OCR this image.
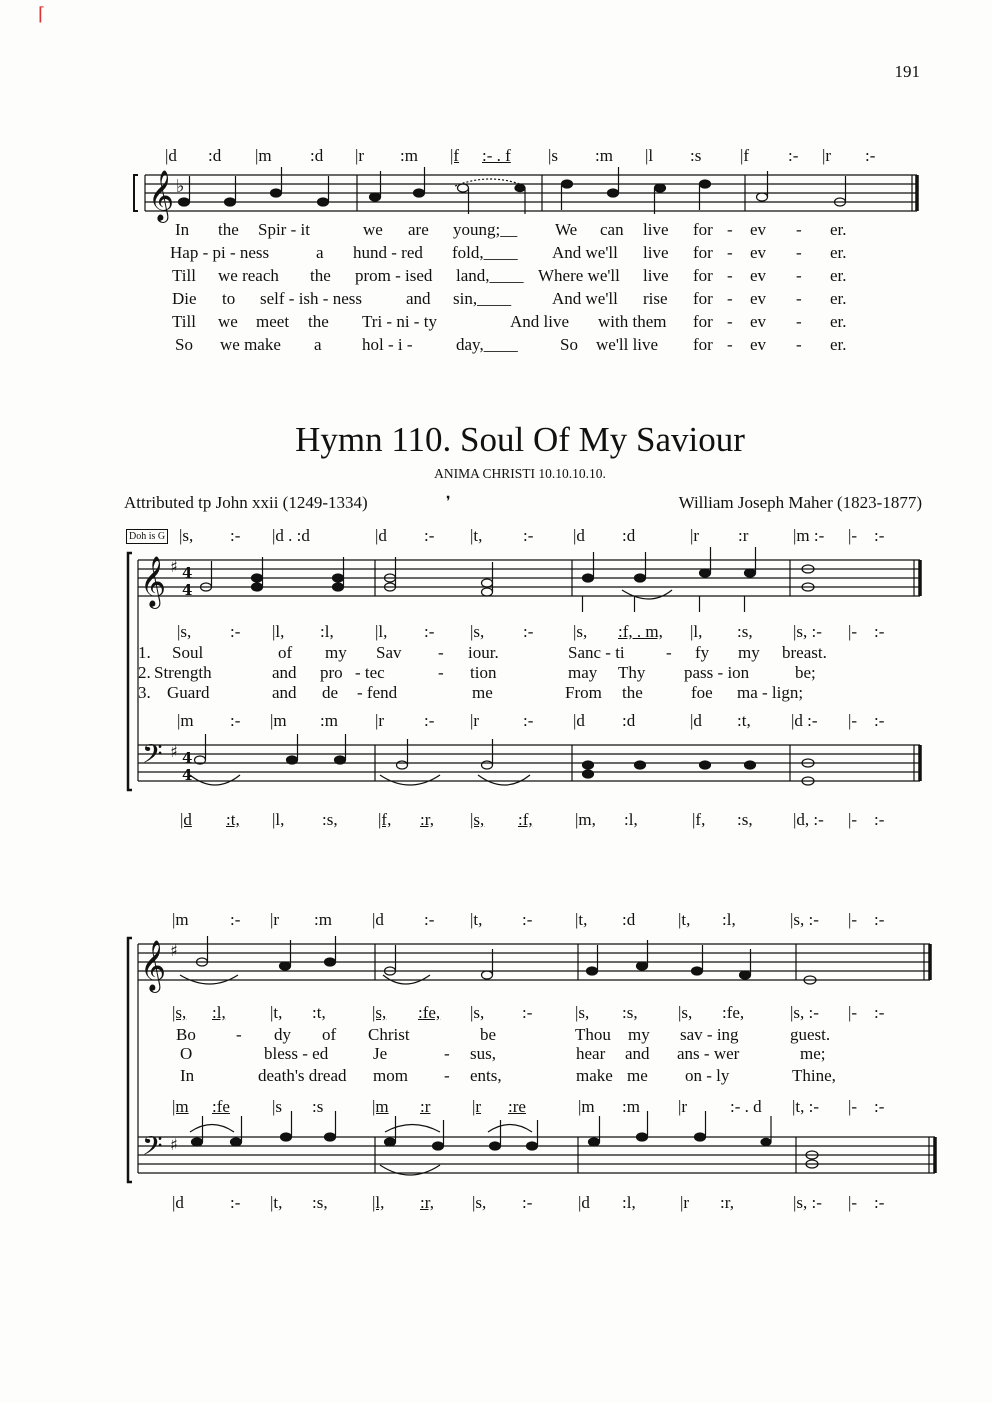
191
⌈
|d :d |m :d |r :m |f :- . f |s :m |l :s |f :- |r :-
In the Spir - it	we are young;__ We can live for - ev - er.
Hap - pi - ness	a hund - red fold,____ And we'll live for - ev - er.
Till we reach the prom - ised land,____ Where we'll live for - ev - er.
Die to self - ish - ness	and sin,____ And we'll rise for - ev - er.
Till we meet the Tri - ni - ty	And live with them for - ev - er.
So we make a hol - i -	day,____ So we'll live for - ev - er.
Hymn 110. Soul Of My Saviour
ANIMA CHRISTI 10.10.10.10.
Attributed tp John xxii (1249-1334)	❜	William Joseph Maher (1823-1877)
Doh is G |s, :- |d . :d	|d :- |t, :- |d :d	|r :r	|m :- |- :-
|s, :- |l, :l, |l, :- |s, :- |s, :f, . m, |l, :s, |s, :- |- :-
1. Soul	of my Sav - iour.	Sanc - ti - fy my breast.
2. Strength	and pro - tec	- tion	may Thy pass - ion	be;
3. Guard	and de - fend	me	From the	foe ma - lign;
|m :- |m :m |r :- |r	:- |d :d	|d :t, |d :- |- :-
|d :t, |l, :s, |f, :r, |s, :f, |m, :l,	|f, :s, |d, :- |- :-
|m :- |r :m |d :- |t, :-	|t, :d	|t, :l,	|s, :- |- :-
|s, :l,	|t, :t,	|s, :fe, |s, :-	|s, :s, |s, :fe,	|s, :- |- :-
Bo - dy of Christ	be	Thou my sav - ing	guest.
O	bless - ed	Je	- sus,	hear and ans - wer	me;
In	death's dread mom - ents,	make me on - ly	Thine,
|m :fe |s :s	|m :r |r :re	|m :m |r	:- . d |t, :- |- :-
|d	:- |t, :s,	|l, :r, |s, :-	|d :l,	|r :r,	|s, :- |- :-
𝄞 ♭
𝄞 ♯ 4
4
𝄢 ♯ 4
4
𝄞 ♯
𝄢 ♯
